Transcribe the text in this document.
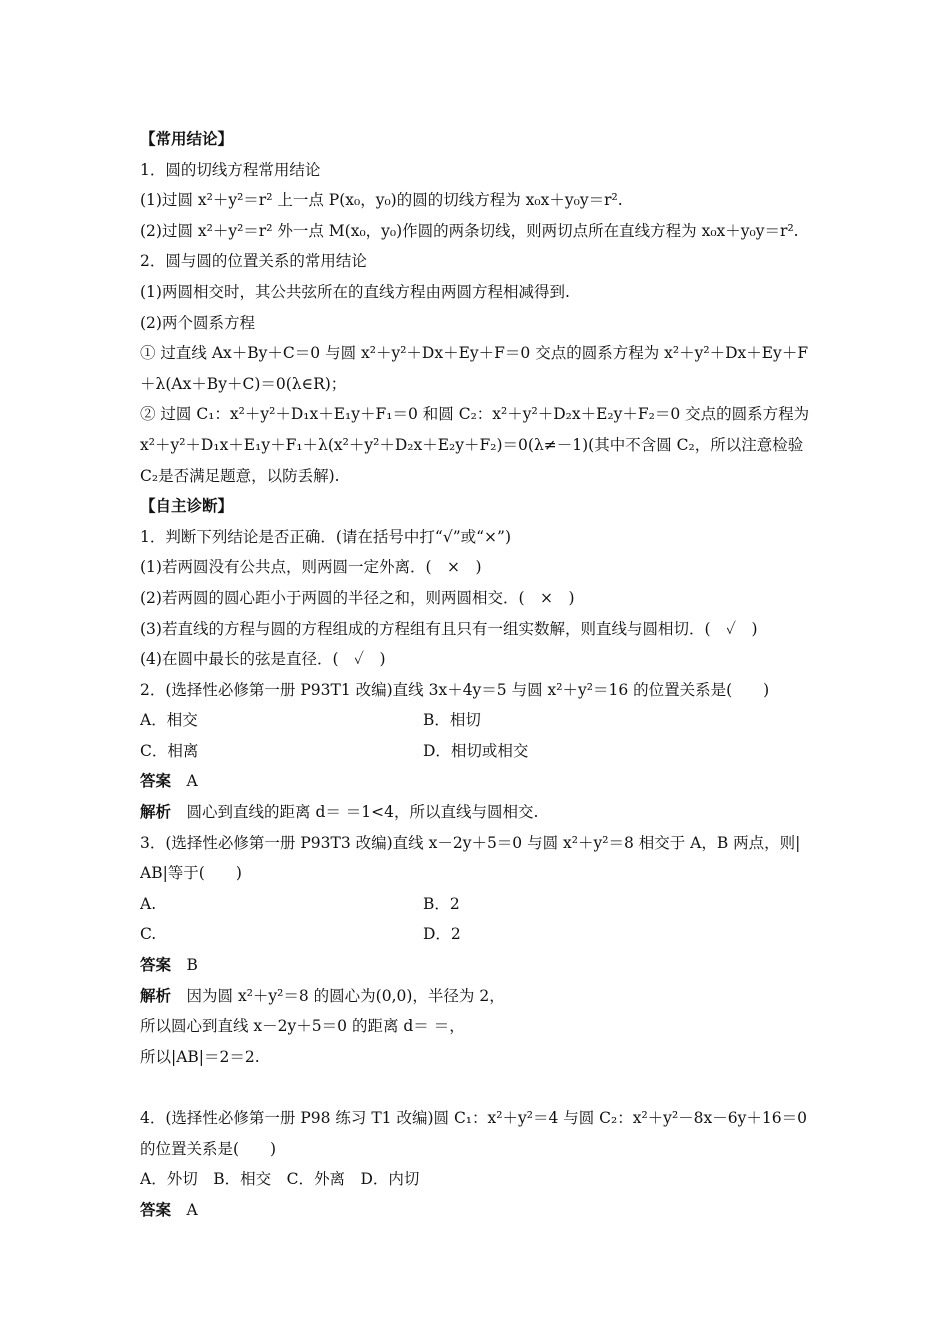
【常用结论】
1．圆的切线方程常用结论
(1)过圆 x²＋y²＝r² 上一点 P(x₀，y₀)的圆的切线方程为 x₀x＋y₀y＝r².
(2)过圆 x²＋y²＝r² 外一点 M(x₀，y₀)作圆的两条切线，则两切点所在直线方程为 x₀x＋y₀y＝r².
2．圆与圆的位置关系的常用结论
(1)两圆相交时，其公共弦所在的直线方程由两圆方程相减得到.
(2)两个圆系方程
① 过直线 Ax＋By＋C＝0 与圆 x²＋y²＋Dx＋Ey＋F＝0 交点的圆系方程为 x²＋y²＋Dx＋Ey＋F
＋λ(Ax＋By＋C)＝0(λ∈R)；
② 过圆 C₁：x²＋y²＋D₁x＋E₁y＋F₁＝0 和圆 C₂：x²＋y²＋D₂x＋E₂y＋F₂＝0 交点的圆系方程为
x²＋y²＋D₁x＋E₁y＋F₁＋λ(x²＋y²＋D₂x＋E₂y＋F₂)＝0(λ≠－1)(其中不含圆 C₂，所以注意检验
C₂是否满足题意，以防丢解).
【自主诊断】
1．判断下列结论是否正确．(请在括号中打“√”或“×”)
(1)若两圆没有公共点，则两圆一定外离．(　×　)
(2)若两圆的圆心距小于两圆的半径之和，则两圆相交．(　×　)
(3)若直线的方程与圆的方程组成的方程组有且只有一组实数解，则直线与圆相切．(　✓　)
(4)在圆中最长的弦是直径．(　✓　)
2．(选择性必修第一册 P93T1 改编)直线 3x＋4y＝5 与圆 x²＋y²＝16 的位置关系是(　　)
A．相交	B．相切
C．相离	D．相切或相交
答案　 A
解析　 圆心到直线的距离 d＝ ＝1<4，所以直线与圆相交.
3．(选择性必修第一册 P93T3 改编)直线 x－2y＋5＝0 与圆 x²＋y²＝8 相交于 A，B 两点，则|
AB|等于(　　)
A.	B．2
C.	D．2
答案　 B
解析　 因为圆 x²＋y²＝8 的圆心为(0,0)，半径为 2，
所以圆心到直线 x－2y＋5＝0 的距离 d＝ ＝，
所以|AB|＝2＝2.
4．(选择性必修第一册 P98 练习 T1 改编)圆 C₁：x²＋y²＝4 与圆 C₂：x²＋y²－8x－6y＋16＝0
的位置关系是(　　)
A．外切　B．相交　C．外离　D．内切
答案　 A
